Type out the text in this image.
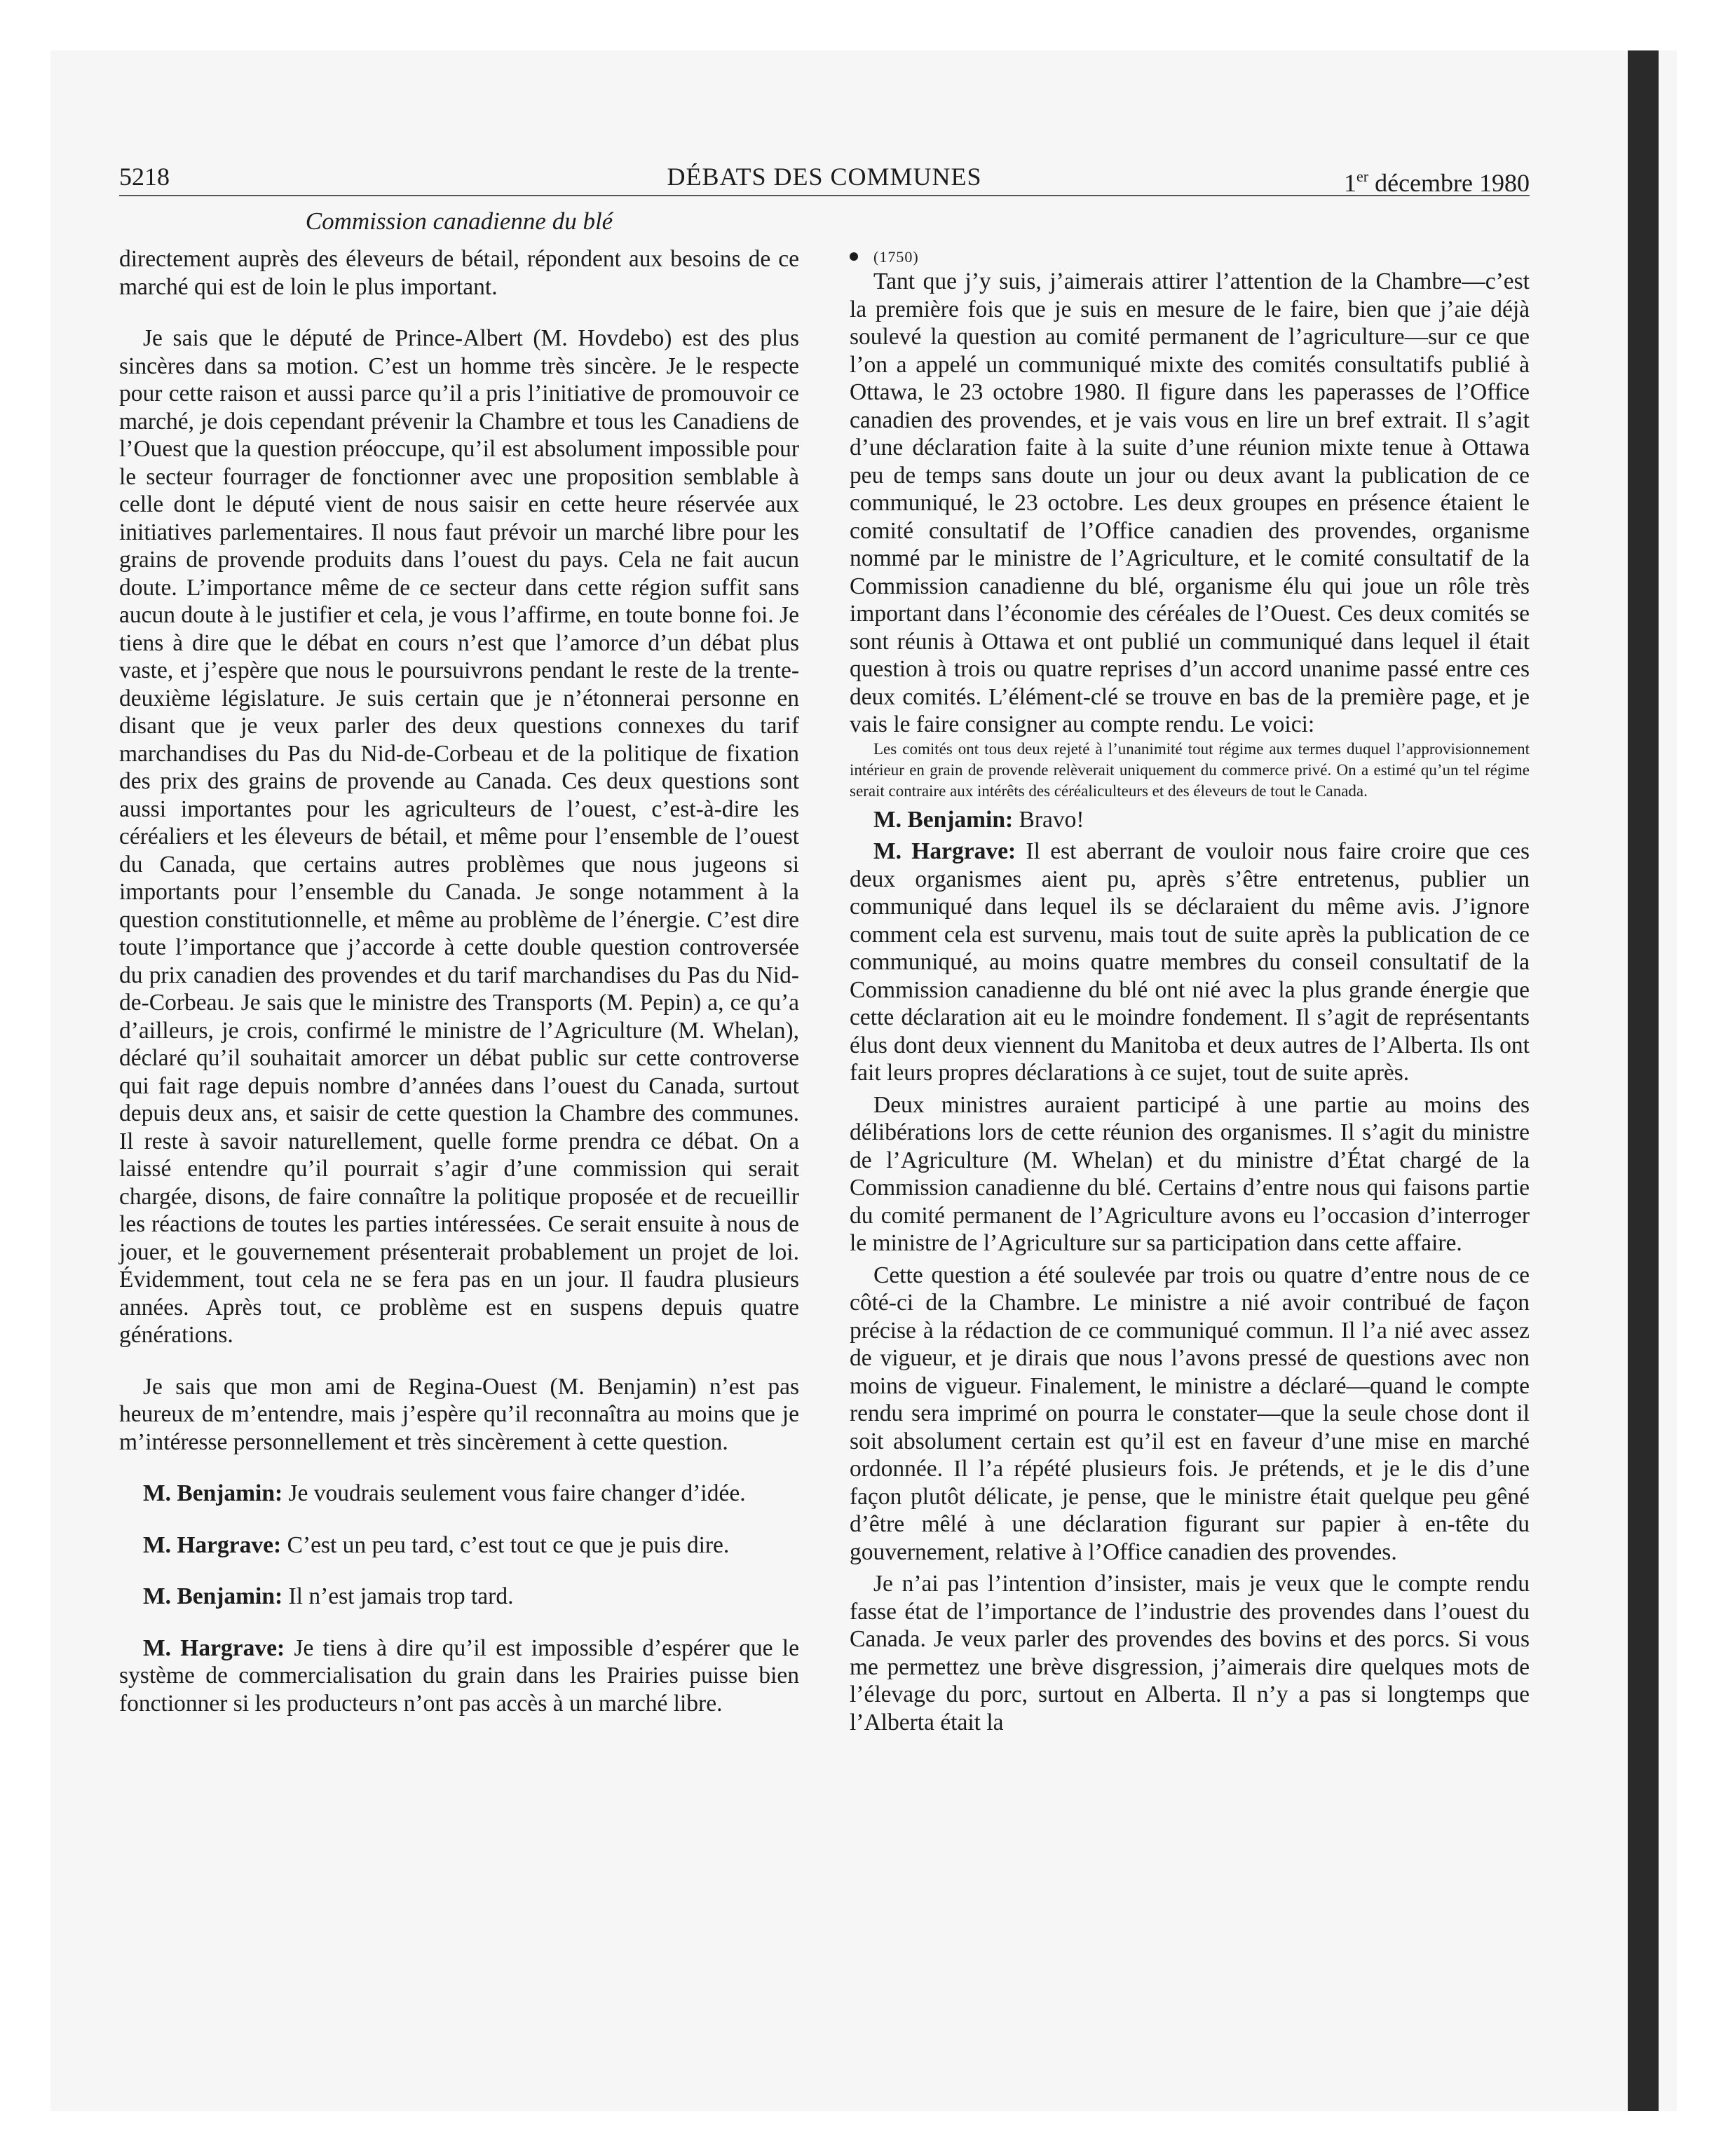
5218	DÉBATS DES COMMUNES	1er décembre 1980
Commission canadienne du blé

directement auprès des éleveurs de bétail, répondent aux besoins de ce marché qui est de loin le plus important.

Je sais que le député de Prince-Albert (M. Hovdebo) est des plus sincères dans sa motion. C’est un homme très sincère. Je le respecte pour cette raison et aussi parce qu’il a pris l’initiative de promouvoir ce marché, je dois cependant prévenir la Chambre et tous les Canadiens de l’Ouest que la question préoccupe, qu’il est absolument impossible pour le secteur fourrager de fonctionner avec une proposition semblable à celle dont le député vient de nous saisir en cette heure réservée aux initiatives parlementaires. Il nous faut prévoir un marché libre pour les grains de provende produits dans l’ouest du pays. Cela ne fait aucun doute. L’importance même de ce secteur dans cette région suffit sans aucun doute à le justifier et cela, je vous l’affirme, en toute bonne foi. Je tiens à dire que le débat en cours n’est que l’amorce d’un débat plus vaste, et j’espère que nous le poursuivrons pendant le reste de la trente-deuxième législature. Je suis certain que je n’étonnerai personne en disant que je veux parler des deux questions connexes du tarif marchandises du Pas du Nid-de-Corbeau et de la politique de fixation des prix des grains de provende au Canada. Ces deux questions sont aussi importantes pour les agriculteurs de l’ouest, c’est-à-dire les céréaliers et les éleveurs de bétail, et même pour l’ensemble de l’ouest du Canada, que certains autres problèmes que nous jugeons si importants pour l’ensemble du Canada. Je songe notamment à la question constitutionnelle, et même au problème de l’énergie. C’est dire toute l’importance que j’accorde à cette double question controversée du prix canadien des provendes et du tarif marchandises du Pas du Nid-de-Corbeau. Je sais que le ministre des Transports (M. Pepin) a, ce qu’a d’ailleurs, je crois, confirmé le ministre de l’Agriculture (M. Whelan), déclaré qu’il souhaitait amorcer un débat public sur cette controverse qui fait rage depuis nombre d’années dans l’ouest du Canada, surtout depuis deux ans, et saisir de cette question la Chambre des communes. Il reste à savoir naturellement, quelle forme prendra ce débat. On a laissé entendre qu’il pourrait s’agir d’une commission qui serait chargée, disons, de faire connaître la politique proposée et de recueillir les réactions de toutes les parties intéressées. Ce serait ensuite à nous de jouer, et le gouvernement présenterait probablement un projet de loi. Évidemment, tout cela ne se fera pas en un jour. Il faudra plusieurs années. Après tout, ce problème est en suspens depuis quatre générations.

Je sais que mon ami de Regina-Ouest (M. Benjamin) n’est pas heureux de m’entendre, mais j’espère qu’il reconnaîtra au moins que je m’intéresse personnellement et très sincèrement à cette question.

M. Benjamin: Je voudrais seulement vous faire changer d’idée.

M. Hargrave: C’est un peu tard, c’est tout ce que je puis dire.

M. Benjamin: Il n’est jamais trop tard.

M. Hargrave: Je tiens à dire qu’il est impossible d’espérer que le système de commercialisation du grain dans les Prairies puisse bien fonctionner si les producteurs n’ont pas accès à un marché libre.

(1750)

Tant que j’y suis, j’aimerais attirer l’attention de la Chambre—c’est la première fois que je suis en mesure de le faire, bien que j’aie déjà soulevé la question au comité permanent de l’agriculture—sur ce que l’on a appelé un communiqué mixte des comités consultatifs publié à Ottawa, le 23 octobre 1980. Il figure dans les paperasses de l’Office canadien des provendes, et je vais vous en lire un bref extrait. Il s’agit d’une déclaration faite à la suite d’une réunion mixte tenue à Ottawa peu de temps sans doute un jour ou deux avant la publication de ce communiqué, le 23 octobre. Les deux groupes en présence étaient le comité consultatif de l’Office canadien des provendes, organisme nommé par le ministre de l’Agriculture, et le comité consultatif de la Commission canadienne du blé, organisme élu qui joue un rôle très important dans l’économie des céréales de l’Ouest. Ces deux comités se sont réunis à Ottawa et ont publié un communiqué dans lequel il était question à trois ou quatre reprises d’un accord unanime passé entre ces deux comités. L’élément-clé se trouve en bas de la première page, et je vais le faire consigner au compte rendu. Le voici:

Les comités ont tous deux rejeté à l’unanimité tout régime aux termes duquel l’approvisionnement intérieur en grain de provende relèverait uniquement du commerce privé. On a estimé qu’un tel régime serait contraire aux intérêts des céréaliculteurs et des éleveurs de tout le Canada.

M. Benjamin: Bravo!

M. Hargrave: Il est aberrant de vouloir nous faire croire que ces deux organismes aient pu, après s’être entretenus, publier un communiqué dans lequel ils se déclaraient du même avis. J’ignore comment cela est survenu, mais tout de suite après la publication de ce communiqué, au moins quatre membres du conseil consultatif de la Commission canadienne du blé ont nié avec la plus grande énergie que cette déclaration ait eu le moindre fondement. Il s’agit de représentants élus dont deux viennent du Manitoba et deux autres de l’Alberta. Ils ont fait leurs propres déclarations à ce sujet, tout de suite après.

Deux ministres auraient participé à une partie au moins des délibérations lors de cette réunion des organismes. Il s’agit du ministre de l’Agriculture (M. Whelan) et du ministre d’État chargé de la Commission canadienne du blé. Certains d’entre nous qui faisons partie du comité permanent de l’Agriculture avons eu l’occasion d’interroger le ministre de l’Agriculture sur sa participation dans cette affaire.

Cette question a été soulevée par trois ou quatre d’entre nous de ce côté-ci de la Chambre. Le ministre a nié avoir contribué de façon précise à la rédaction de ce communiqué commun. Il l’a nié avec assez de vigueur, et je dirais que nous l’avons pressé de questions avec non moins de vigueur. Finalement, le ministre a déclaré—quand le compte rendu sera imprimé on pourra le constater—que la seule chose dont il soit absolument certain est qu’il est en faveur d’une mise en marché ordonnée. Il l’a répété plusieurs fois. Je prétends, et je le dis d’une façon plutôt délicate, je pense, que le ministre était quelque peu gêné d’être mêlé à une déclaration figurant sur papier à en-tête du gouvernement, relative à l’Office canadien des provendes.

Je n’ai pas l’intention d’insister, mais je veux que le compte rendu fasse état de l’importance de l’industrie des provendes dans l’ouest du Canada. Je veux parler des provendes des bovins et des porcs. Si vous me permettez une brève disgression, j’aimerais dire quelques mots de l’élevage du porc, surtout en Alberta. Il n’y a pas si longtemps que l’Alberta était la
